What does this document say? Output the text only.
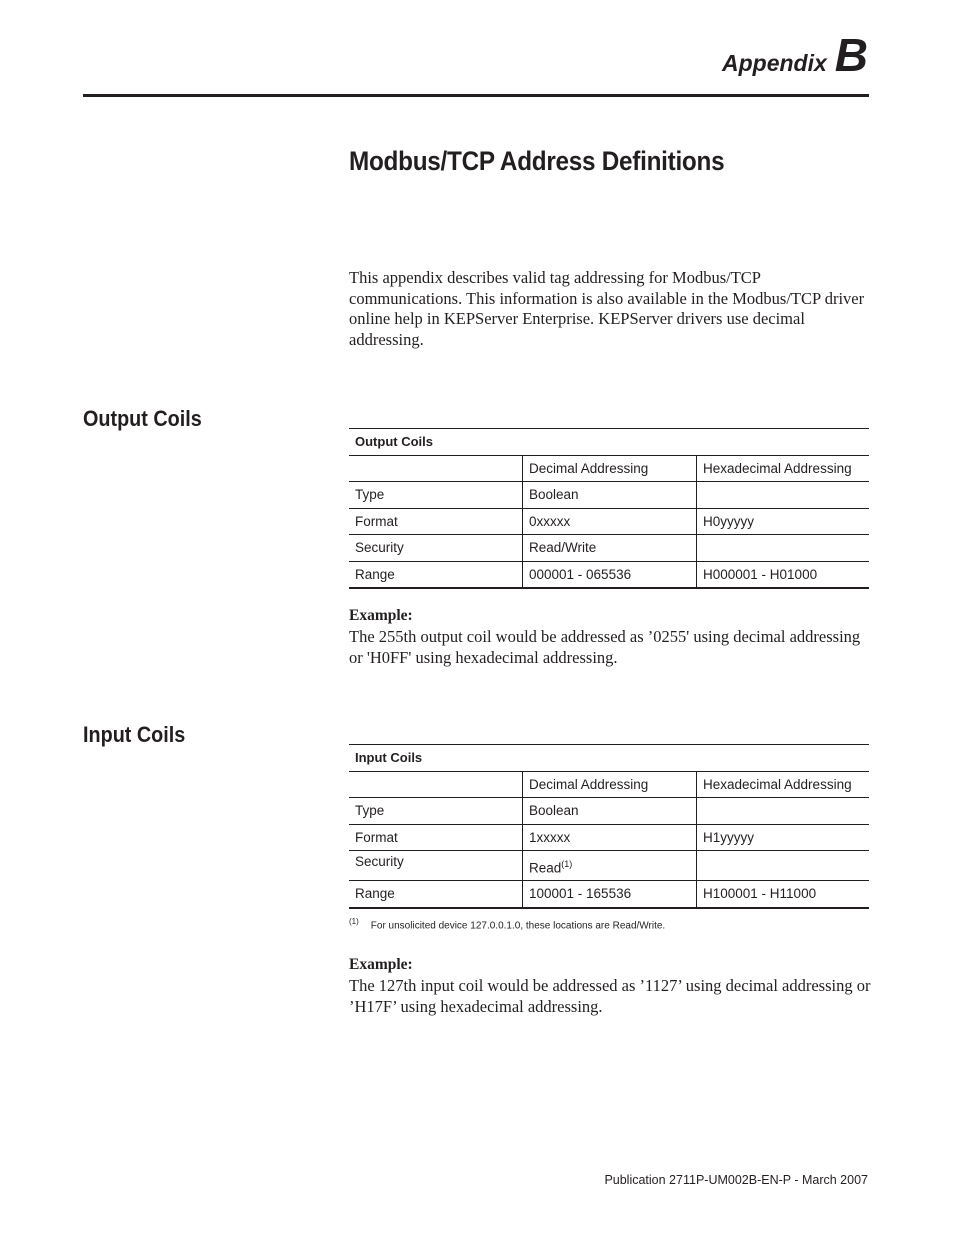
Appendix B
Modbus/TCP Address Definitions

This appendix describes valid tag addressing for Modbus/TCP communications. This information is also available in the Modbus/TCP driver online help in KEPServer Enterprise. KEPServer drivers use decimal addressing.

Output Coils
Output Coils		
	Decimal Addressing	Hexadecimal Addressing
Type	Boolean	
Format	0xxxxx	H0yyyyy
Security	Read/Write	
Range	000001 - 065536	H000001 - H01000

Example:

The 255th output coil would be addressed as ’0255' using decimal addressing or 'H0FF' using hexadecimal addressing.

Input Coils
Input Coils		
	Decimal Addressing	Hexadecimal Addressing
Type	Boolean	
Format	1xxxxx	H1yyyyy
Security	Read$^{(1)}$	
Range	100001 - 165536	H100001 - H11000
$^{(1)}$ For unsolicited device 127.0.0.1.0, these locations are Read/Write.

Example:

The 127th input coil would be addressed as ’1127’ using decimal addressing or ’H17F’ using hexadecimal addressing.

Publication 2711P-UM002B-EN-P - March 2007
